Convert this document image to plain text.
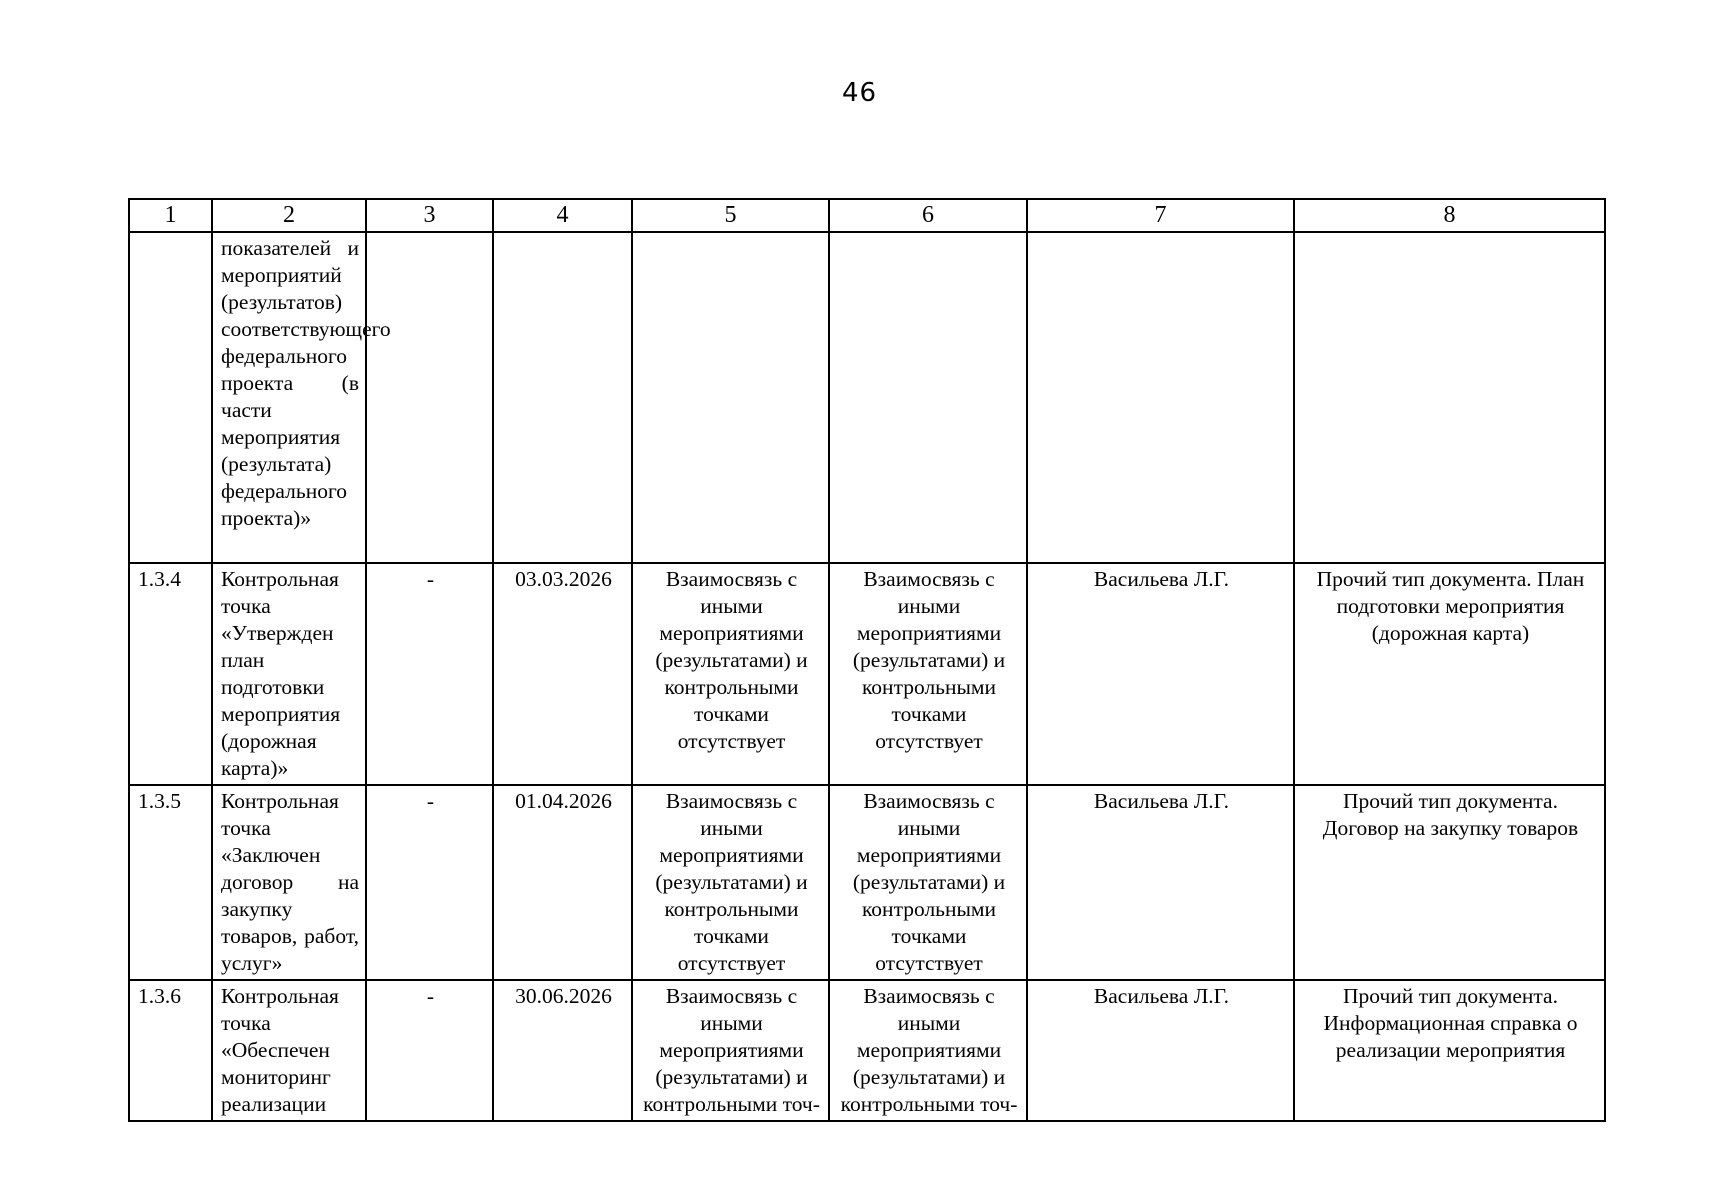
46
1	2	3	4	5	6	7	8
	показателей и мероприятий (результатов) соответствующего федерального проекта (в части мероприятия (результата) федерального проекта)»						
1.3.4	Контрольная точка «Утвержден план подготовки мероприятия (дорожная карта)»	-	03.03.2026	Взаимосвязь с иными мероприятиями (результатами) и контрольными точками отсутствует	Взаимосвязь с иными мероприятиями (результатами) и контрольными точками отсутствует	Васильева Л.Г.	Прочий тип документа. План подготовки мероприятия (дорожная карта)
1.3.5	Контрольная точка «Заключен договор на закупку товаров, работ, услуг»	-	01.04.2026	Взаимосвязь с иными мероприятиями (результатами) и контрольными точками отсутствует	Взаимосвязь с иными мероприятиями (результатами) и контрольными точками отсутствует	Васильева Л.Г.	Прочий тип документа. Договор на закупку товаров
1.3.6	Контрольная точка «Обеспечен мониторинг реализации	-	30.06.2026	Взаимосвязь с иными мероприятиями (результатами) и контрольными точ-	Взаимосвязь с иными мероприятиями (результатами) и контрольными точ-	Васильева Л.Г.	Прочий тип документа. Информационная справка о реализации мероприятия
